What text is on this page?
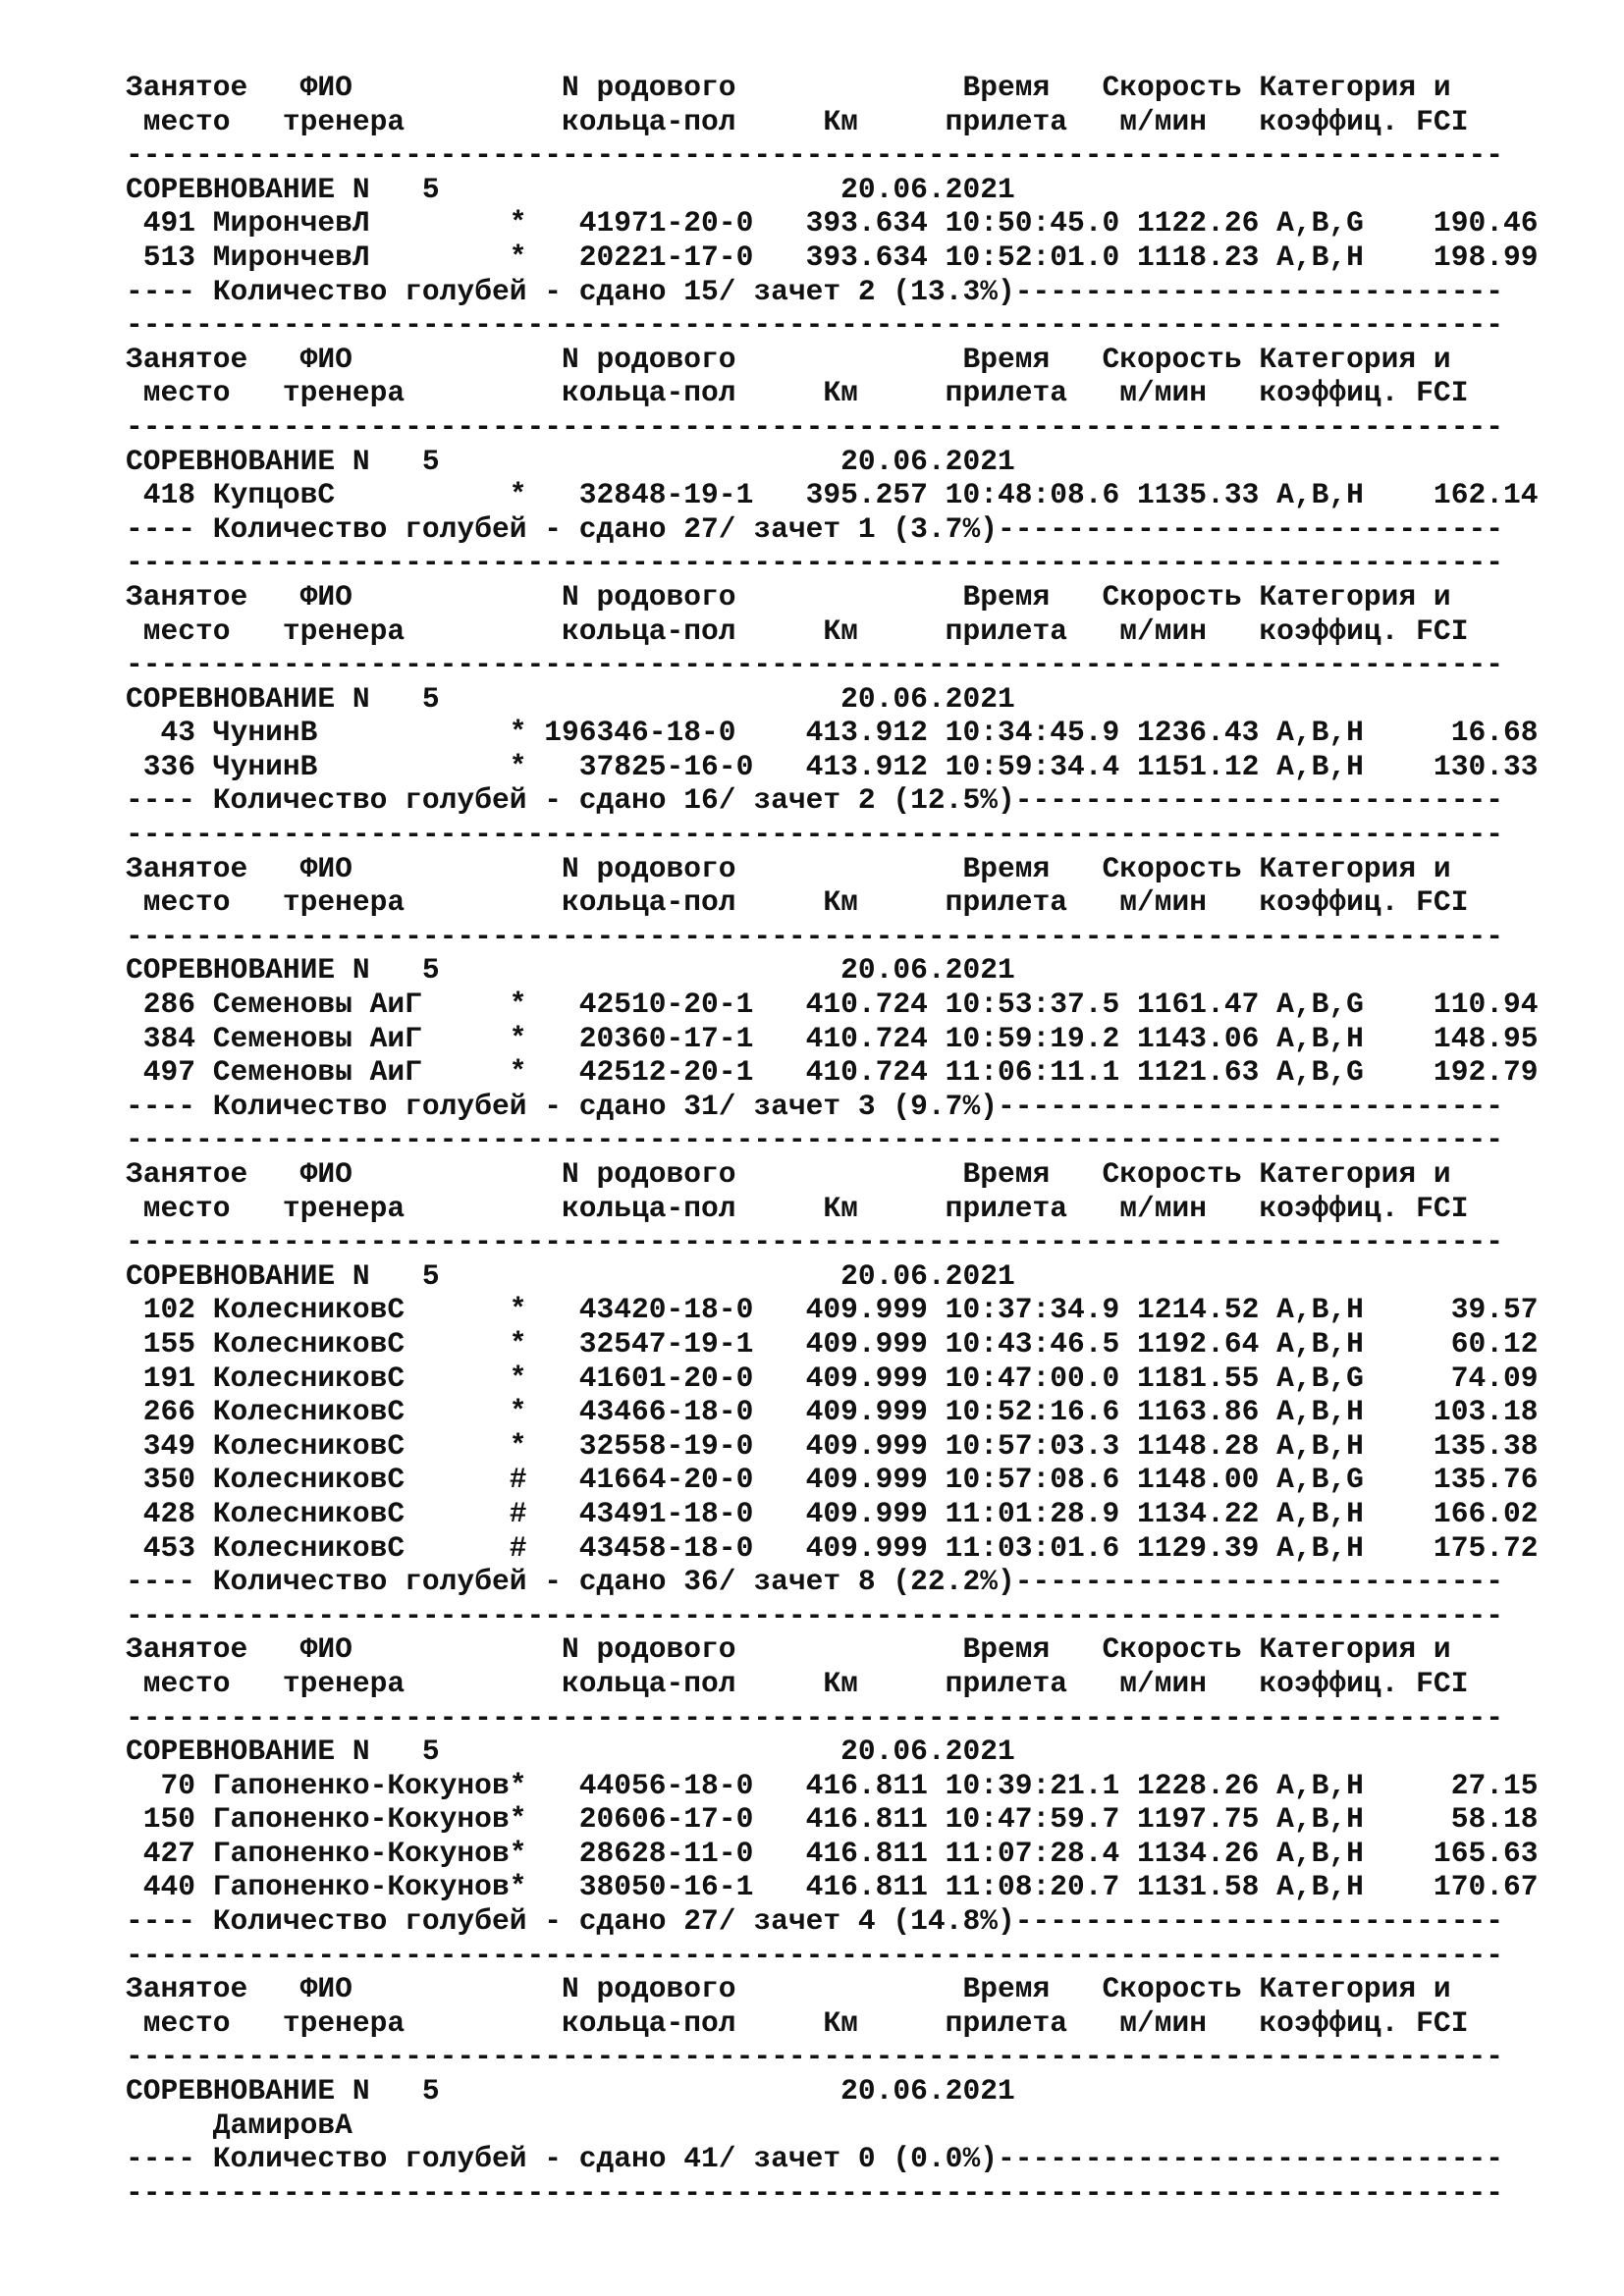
Занятое   ФИО            N родового             Время   Скорость Категория и
место   тренера         кольца-пол     Км     прилета   м/мин   коэффиц. FCI
-------------------------------------------------------------------------------
СОРЕВНОВАНИЕ N   5                       20.06.2021
491 МирончевЛ        *   41971-20-0   393.634 10:50:45.0 1122.26 A,B,G    190.46
513 МирончевЛ        *   20221-17-0   393.634 10:52:01.0 1118.23 A,B,H    198.99
---- Количество голубей - сдано 15/ зачет 2 (13.3%)----------------------------
-------------------------------------------------------------------------------
Занятое   ФИО            N родового             Время   Скорость Категория и
место   тренера         кольца-пол     Км     прилета   м/мин   коэффиц. FCI
-------------------------------------------------------------------------------
СОРЕВНОВАНИЕ N   5                       20.06.2021
418 КупцовС          *   32848-19-1   395.257 10:48:08.6 1135.33 A,B,H    162.14
---- Количество голубей - сдано 27/ зачет 1 (3.7%)-----------------------------
-------------------------------------------------------------------------------
Занятое   ФИО            N родового             Время   Скорость Категория и
место   тренера         кольца-пол     Км     прилета   м/мин   коэффиц. FCI
-------------------------------------------------------------------------------
СОРЕВНОВАНИЕ N   5                       20.06.2021
43 ЧунинВ           * 196346-18-0    413.912 10:34:45.9 1236.43 A,B,H     16.68
336 ЧунинВ           *   37825-16-0   413.912 10:59:34.4 1151.12 A,B,H    130.33
---- Количество голубей - сдано 16/ зачет 2 (12.5%)----------------------------
-------------------------------------------------------------------------------
Занятое   ФИО            N родового             Время   Скорость Категория и
место   тренера         кольца-пол     Км     прилета   м/мин   коэффиц. FCI
-------------------------------------------------------------------------------
СОРЕВНОВАНИЕ N   5                       20.06.2021
286 Семеновы АиГ     *   42510-20-1   410.724 10:53:37.5 1161.47 A,B,G    110.94
384 Семеновы АиГ     *   20360-17-1   410.724 10:59:19.2 1143.06 A,B,H    148.95
497 Семеновы АиГ     *   42512-20-1   410.724 11:06:11.1 1121.63 A,B,G    192.79
---- Количество голубей - сдано 31/ зачет 3 (9.7%)-----------------------------
-------------------------------------------------------------------------------
Занятое   ФИО            N родового             Время   Скорость Категория и
место   тренера         кольца-пол     Км     прилета   м/мин   коэффиц. FCI
-------------------------------------------------------------------------------
СОРЕВНОВАНИЕ N   5                       20.06.2021
102 КолесниковС      *   43420-18-0   409.999 10:37:34.9 1214.52 A,B,H     39.57
155 КолесниковС      *   32547-19-1   409.999 10:43:46.5 1192.64 A,B,H     60.12
191 КолесниковС      *   41601-20-0   409.999 10:47:00.0 1181.55 A,B,G     74.09
266 КолесниковС      *   43466-18-0   409.999 10:52:16.6 1163.86 A,B,H    103.18
349 КолесниковС      *   32558-19-0   409.999 10:57:03.3 1148.28 A,B,H    135.38
350 КолесниковС      #   41664-20-0   409.999 10:57:08.6 1148.00 A,B,G    135.76
428 КолесниковС      #   43491-18-0   409.999 11:01:28.9 1134.22 A,B,H    166.02
453 КолесниковС      #   43458-18-0   409.999 11:03:01.6 1129.39 A,B,H    175.72
---- Количество голубей - сдано 36/ зачет 8 (22.2%)----------------------------
-------------------------------------------------------------------------------
Занятое   ФИО            N родового             Время   Скорость Категория и
место   тренера         кольца-пол     Км     прилета   м/мин   коэффиц. FCI
-------------------------------------------------------------------------------
СОРЕВНОВАНИЕ N   5                       20.06.2021
70 Гапоненко-Кокунов*   44056-18-0   416.811 10:39:21.1 1228.26 A,B,H     27.15
150 Гапоненко-Кокунов*   20606-17-0   416.811 10:47:59.7 1197.75 A,B,H     58.18
427 Гапоненко-Кокунов*   28628-11-0   416.811 11:07:28.4 1134.26 A,B,H    165.63
440 Гапоненко-Кокунов*   38050-16-1   416.811 11:08:20.7 1131.58 A,B,H    170.67
---- Количество голубей - сдано 27/ зачет 4 (14.8%)----------------------------
-------------------------------------------------------------------------------
Занятое   ФИО            N родового             Время   Скорость Категория и
место   тренера         кольца-пол     Км     прилета   м/мин   коэффиц. FCI
-------------------------------------------------------------------------------
СОРЕВНОВАНИЕ N   5                       20.06.2021
ДамировА
---- Количество голубей - сдано 41/ зачет 0 (0.0%)-----------------------------
-------------------------------------------------------------------------------
